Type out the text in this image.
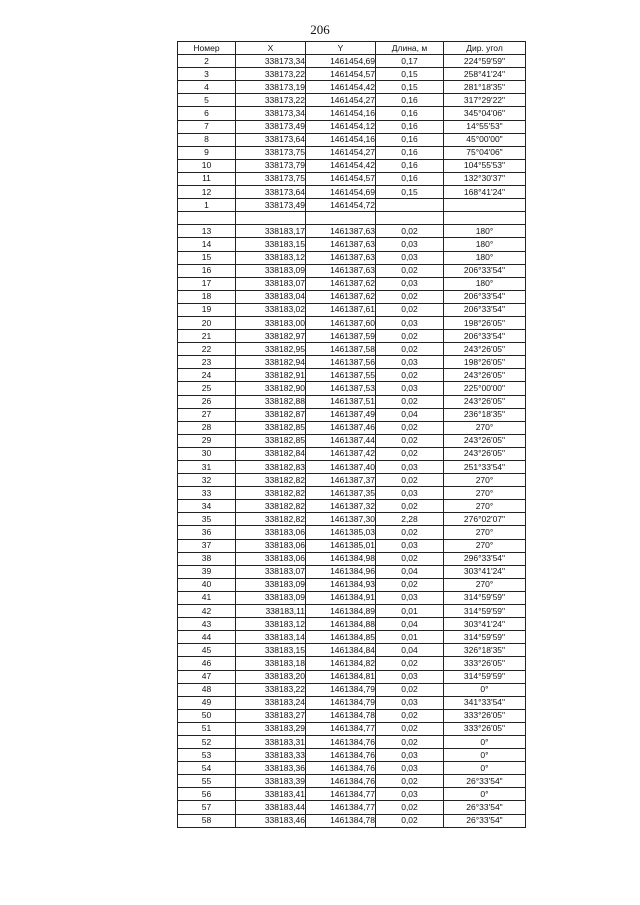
206
Номер	X	Y	Длина, м	Дир. угол
2	338173,34	1461454,69	0,17	224°59'59"
3	338173,22	1461454,57	0,15	258°41'24"
4	338173,19	1461454,42	0,15	281°18'35"
5	338173,22	1461454,27	0,16	317°29'22"
6	338173,34	1461454,16	0,16	345°04'06"
7	338173,49	1461454,12	0,16	14°55'53"
8	338173,64	1461454,16	0,16	45°00'00"
9	338173,75	1461454,27	0,16	75°04'06"
10	338173,79	1461454,42	0,16	104°55'53"
11	338173,75	1461454,57	0,16	132°30'37"
12	338173,64	1461454,69	0,15	168°41'24"
1	338173,49	1461454,72		

13	338183,17	1461387,63	0,02	180°
14	338183,15	1461387,63	0,03	180°
15	338183,12	1461387,63	0,03	180°
16	338183,09	1461387,63	0,02	206°33'54"
17	338183,07	1461387,62	0,03	180°
18	338183,04	1461387,62	0,02	206°33'54"
19	338183,02	1461387,61	0,02	206°33'54"
20	338183,00	1461387,60	0,03	198°26'05"
21	338182,97	1461387,59	0,02	206°33'54"
22	338182,95	1461387,58	0,02	243°26'05"
23	338182,94	1461387,56	0,03	198°26'05"
24	338182,91	1461387,55	0,02	243°26'05"
25	338182,90	1461387,53	0,03	225°00'00"
26	338182,88	1461387,51	0,02	243°26'05"
27	338182,87	1461387,49	0,04	236°18'35"
28	338182,85	1461387,46	0,02	270°
29	338182,85	1461387,44	0,02	243°26'05"
30	338182,84	1461387,42	0,02	243°26'05"
31	338182,83	1461387,40	0,03	251°33'54"
32	338182,82	1461387,37	0,02	270°
33	338182,82	1461387,35	0,03	270°
34	338182,82	1461387,32	0,02	270°
35	338182,82	1461387,30	2,28	276°02'07"
36	338183,06	1461385,03	0,02	270°
37	338183,06	1461385,01	0,03	270°
38	338183,06	1461384,98	0,02	296°33'54"
39	338183,07	1461384,96	0,04	303°41'24"
40	338183,09	1461384,93	0,02	270°
41	338183,09	1461384,91	0,03	314°59'59"
42	338183,11	1461384,89	0,01	314°59'59"
43	338183,12	1461384,88	0,04	303°41'24"
44	338183,14	1461384,85	0,01	314°59'59"
45	338183,15	1461384,84	0,04	326°18'35"
46	338183,18	1461384,82	0,02	333°26'05"
47	338183,20	1461384,81	0,03	314°59'59"
48	338183,22	1461384,79	0,02	0°
49	338183,24	1461384,79	0,03	341°33'54"
50	338183,27	1461384,78	0,02	333°26'05"
51	338183,29	1461384,77	0,02	333°26'05"
52	338183,31	1461384,76	0,02	0°
53	338183,33	1461384,76	0,03	0°
54	338183,36	1461384,76	0,03	0°
55	338183,39	1461384,76	0,02	26°33'54"
56	338183,41	1461384,77	0,03	0°
57	338183,44	1461384,77	0,02	26°33'54"
58	338183,46	1461384,78	0,02	26°33'54"
